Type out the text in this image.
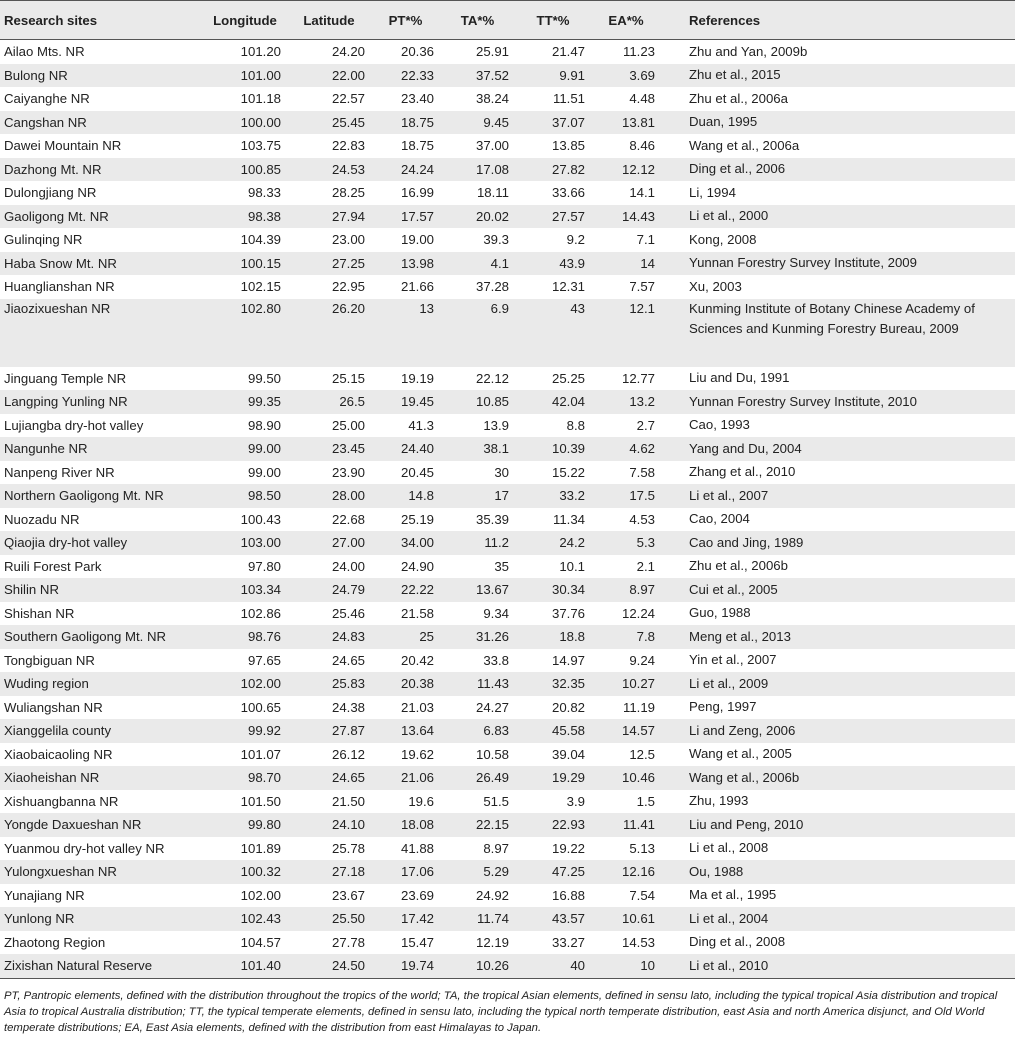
Research sites	Longitude	Latitude	PT*%	TA*%	TT*%	EA*%	References
Ailao Mts. NR	101.20	24.20	20.36	25.91	21.47	11.23	Zhu and Yan, 2009b
Bulong NR	101.00	22.00	22.33	37.52	9.91	3.69	Zhu et al., 2015
Caiyanghe NR	101.18	22.57	23.40	38.24	11.51	4.48	Zhu et al., 2006a
Cangshan NR	100.00	25.45	18.75	9.45	37.07	13.81	Duan, 1995
Dawei Mountain NR	103.75	22.83	18.75	37.00	13.85	8.46	Wang et al., 2006a
Dazhong Mt. NR	100.85	24.53	24.24	17.08	27.82	12.12	Ding et al., 2006
Dulongjiang NR	98.33	28.25	16.99	18.11	33.66	14.1	Li, 1994
Gaoligong Mt. NR	98.38	27.94	17.57	20.02	27.57	14.43	Li et al., 2000
Gulinqing NR	104.39	23.00	19.00	39.3	9.2	7.1	Kong, 2008
Haba Snow Mt. NR	100.15	27.25	13.98	4.1	43.9	14	Yunnan Forestry Survey Institute, 2009
Huanglianshan NR	102.15	22.95	21.66	37.28	12.31	7.57	Xu, 2003
Jiaozixueshan NR	102.80	26.20	13	6.9	43	12.1	Kunming Institute of Botany Chinese Academy of Sciences and Kunming Forestry Bureau, 2009
Jinguang Temple NR	99.50	25.15	19.19	22.12	25.25	12.77	Liu and Du, 1991
Langping Yunling NR	99.35	26.5	19.45	10.85	42.04	13.2	Yunnan Forestry Survey Institute, 2010
Lujiangba dry-hot valley	98.90	25.00	41.3	13.9	8.8	2.7	Cao, 1993
Nangunhe NR	99.00	23.45	24.40	38.1	10.39	4.62	Yang and Du, 2004
Nanpeng River NR	99.00	23.90	20.45	30	15.22	7.58	Zhang et al., 2010
Northern Gaoligong Mt. NR	98.50	28.00	14.8	17	33.2	17.5	Li et al., 2007
Nuozadu NR	100.43	22.68	25.19	35.39	11.34	4.53	Cao, 2004
Qiaojia dry-hot valley	103.00	27.00	34.00	11.2	24.2	5.3	Cao and Jing, 1989
Ruili Forest Park	97.80	24.00	24.90	35	10.1	2.1	Zhu et al., 2006b
Shilin NR	103.34	24.79	22.22	13.67	30.34	8.97	Cui et al., 2005
Shishan NR	102.86	25.46	21.58	9.34	37.76	12.24	Guo, 1988
Southern Gaoligong Mt. NR	98.76	24.83	25	31.26	18.8	7.8	Meng et al., 2013
Tongbiguan NR	97.65	24.65	20.42	33.8	14.97	9.24	Yin et al., 2007
Wuding region	102.00	25.83	20.38	11.43	32.35	10.27	Li et al., 2009
Wuliangshan NR	100.65	24.38	21.03	24.27	20.82	11.19	Peng, 1997
Xianggelila county	99.92	27.87	13.64	6.83	45.58	14.57	Li and Zeng, 2006
Xiaobaicaoling NR	101.07	26.12	19.62	10.58	39.04	12.5	Wang et al., 2005
Xiaoheishan NR	98.70	24.65	21.06	26.49	19.29	10.46	Wang et al., 2006b
Xishuangbanna NR	101.50	21.50	19.6	51.5	3.9	1.5	Zhu, 1993
Yongde Daxueshan NR	99.80	24.10	18.08	22.15	22.93	11.41	Liu and Peng, 2010
Yuanmou dry-hot valley NR	101.89	25.78	41.88	8.97	19.22	5.13	Li et al., 2008
Yulongxueshan NR	100.32	27.18	17.06	5.29	47.25	12.16	Ou, 1988
Yunajiang NR	102.00	23.67	23.69	24.92	16.88	7.54	Ma et al., 1995
Yunlong NR	102.43	25.50	17.42	11.74	43.57	10.61	Li et al., 2004
Zhaotong Region	104.57	27.78	15.47	12.19	33.27	14.53	Ding et al., 2008
Zixishan Natural Reserve	101.40	24.50	19.74	10.26	40	10	Li et al., 2010
PT, Pantropic elements, defined with the distribution throughout the tropics of the world; TA, the tropical Asian elements, defined in sensu lato, including the typical tropical Asia distribution and tropical Asia to tropical Australia distribution; TT, the typical temperate elements, defined in sensu lato, including the typical north temperate distribution, east Asia and north America disjunct, and Old World temperate distributions; EA, East Asia elements, defined with the distribution from east Himalayas to Japan.
